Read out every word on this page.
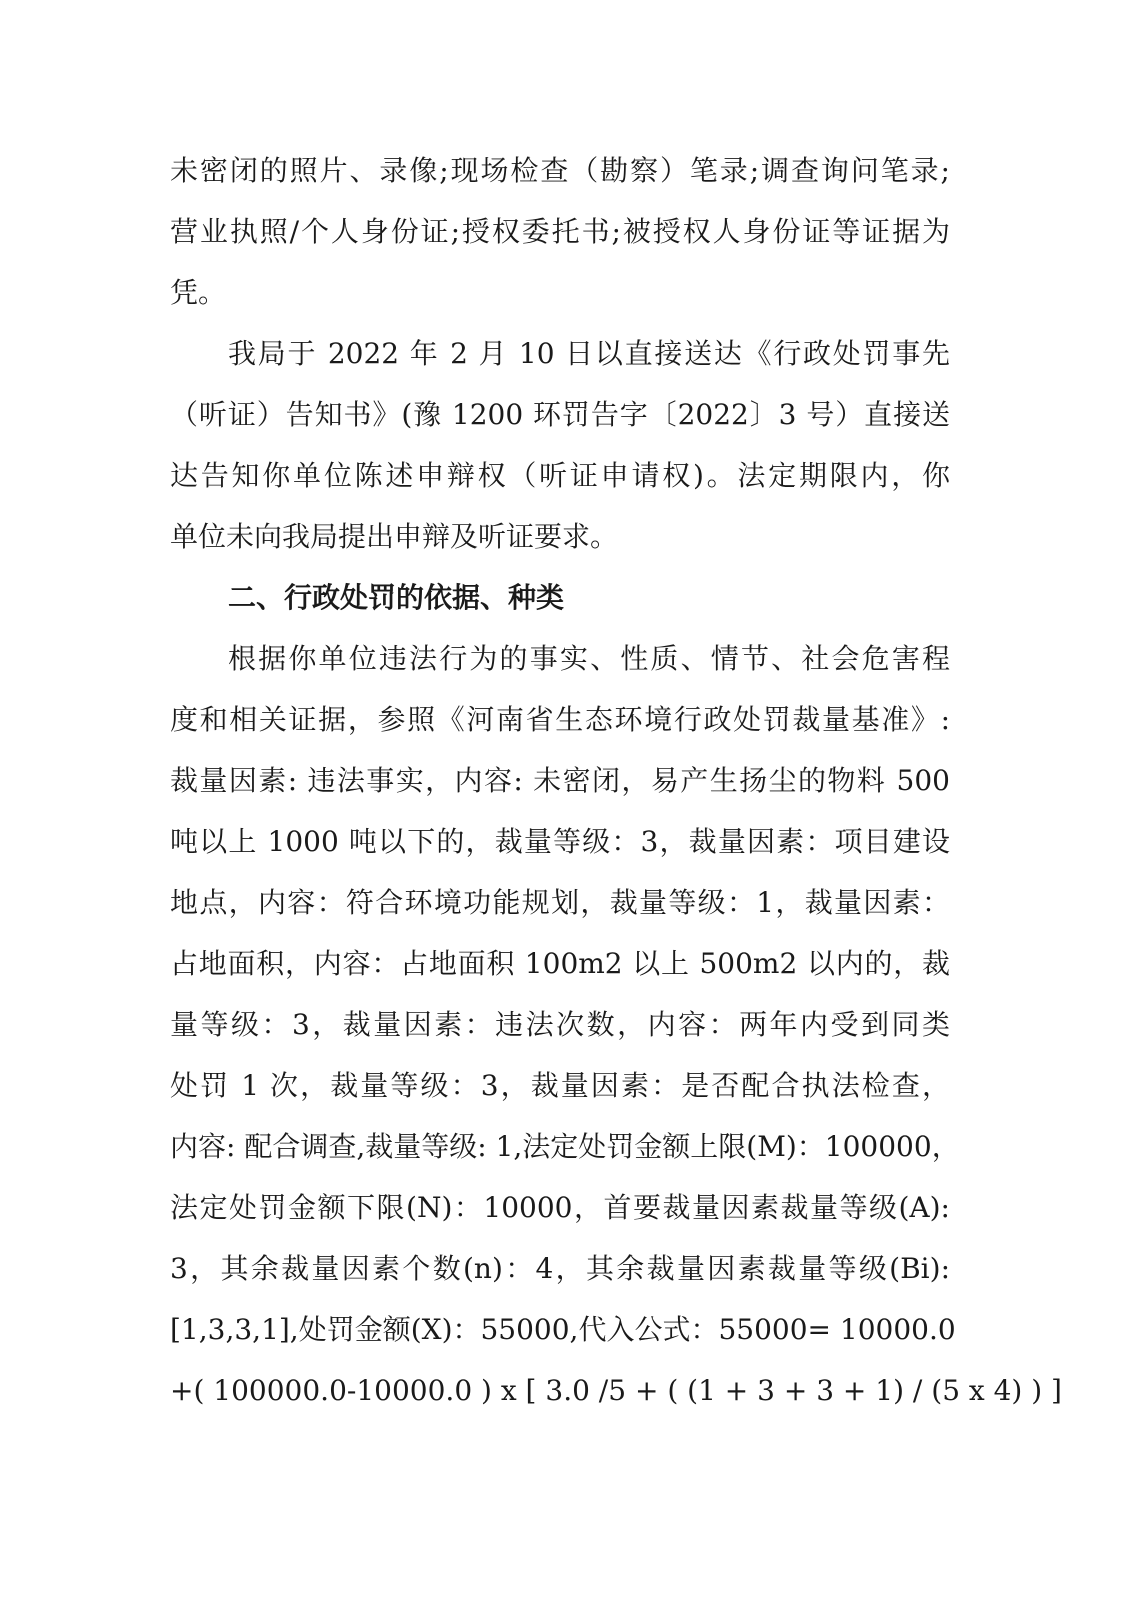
未密闭的照片、录像;现场检查（勘察）笔录;调查询问笔录;
营业执照/个人身份证;授权委托书;被授权人身份证等证据为
凭。
我局于 2022 年 2 月 10 日以直接送达《行政处罚事先
（听证）告知书》(豫 1200 环罚告字〔2022〕3 号）直接送
达告知你单位陈述申辩权（听证申请权)。法定期限内，你
单位未向我局提出申辩及听证要求。
二、行政处罚的依据、种类
根据你单位违法行为的事实、性质、情节、社会危害程
度和相关证据，参照《河南省生态环境行政处罚裁量基准》:
裁量因素: 违法事实，内容: 未密闭，易产生扬尘的物料 500
吨以上 1000 吨以下的，裁量等级：3，裁量因素：项目建设
地点，内容：符合环境功能规划，裁量等级：1，裁量因素：
占地面积，内容：占地面积 100m2 以上 500m2 以内的，裁
量等级：3，裁量因素：违法次数，内容：两年内受到同类
处罚 1 次，裁量等级：3，裁量因素：是否配合执法检查，
内容: 配合调查,裁量等级: 1,法定处罚金额上限(M)：100000，
法定处罚金额下限(N)：10000，首要裁量因素裁量等级(A):
3，其余裁量因素个数(n)：4，其余裁量因素裁量等级(Bi):
[1,3,3,1],处罚金额(X)：55000,代入公式：55000= 10000.0
+( 100000.0-10000.0 ) x [ 3.0 /5 + ( (1 + 3 + 3 + 1) / (5 x 4) ) ]
